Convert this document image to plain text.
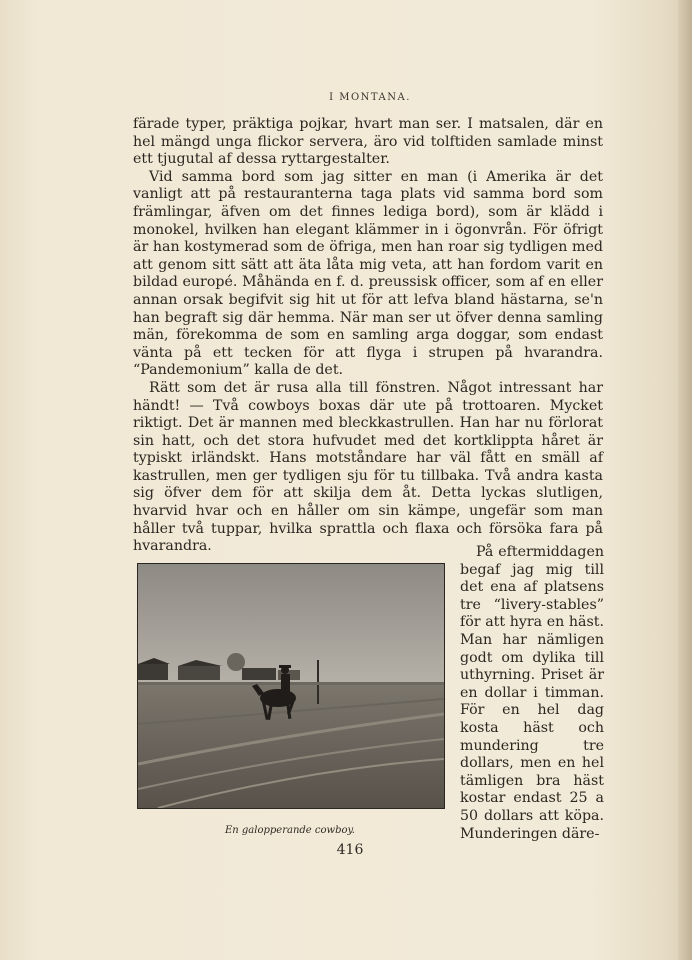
I MONTANA.

färade typer, präktiga pojkar, hvart man ser. I matsalen, där en hel mängd unga flickor servera, äro vid tolftiden samlade minst ett tjugutal af dessa ryttargestalter.

Vid samma bord som jag sitter en man (i Amerika är det vanligt att på restauranterna taga plats vid samma bord som främlingar, äfven om det finnes lediga bord), som är klädd i monokel, hvilken han elegant klämmer in i ögonvrån. För öfrigt är han kostymerad som de öfriga, men han roar sig tydligen med att genom sitt sätt att äta låta mig veta, att han fordom varit en bildad europé. Måhända en f. d. preussisk officer, som af en eller annan orsak begifvit sig hit ut för att lefva bland hästarna, se'n han begraft sig där hemma. När man ser ut öfver denna samling män, förekomma de som en samling arga doggar, som endast vänta på ett tecken för att flyga i strupen på hvarandra. “Pandemonium” kalla de det.

Rätt som det är rusa alla till fönstren. Något intressant har händt! — Två cowboys boxas där ute på trottoaren. Mycket riktigt. Det är mannen med bleckkastrullen. Han har nu förlorat sin hatt, och det stora hufvudet med det kortklippta håret är typiskt irländskt. Hans motståndare har väl fått en smäll af kastrullen, men ger tydligen sju för tu tillbaka. Två andra kasta sig öfver dem för att skilja dem åt. Detta lyckas slutligen, hvarvid hvar och en håller om sin kämpe, ungefär som man håller två tuppar, hvilka sprattla och flaxa och försöka fara på hvarandra.	På eftermiddagen begaf jag mig till det ena af platsens tre “livery-stables” för att hyra en häst. Man har nämligen godt om dylika till uthyrning. Priset är en dollar i timman. För en hel dag kosta häst och mundering tre dollars, men en hel tämligen bra häst kostar endast 25 a 50 dollars att köpa. Munderingen däre-

En galopperande cowboy.
416
